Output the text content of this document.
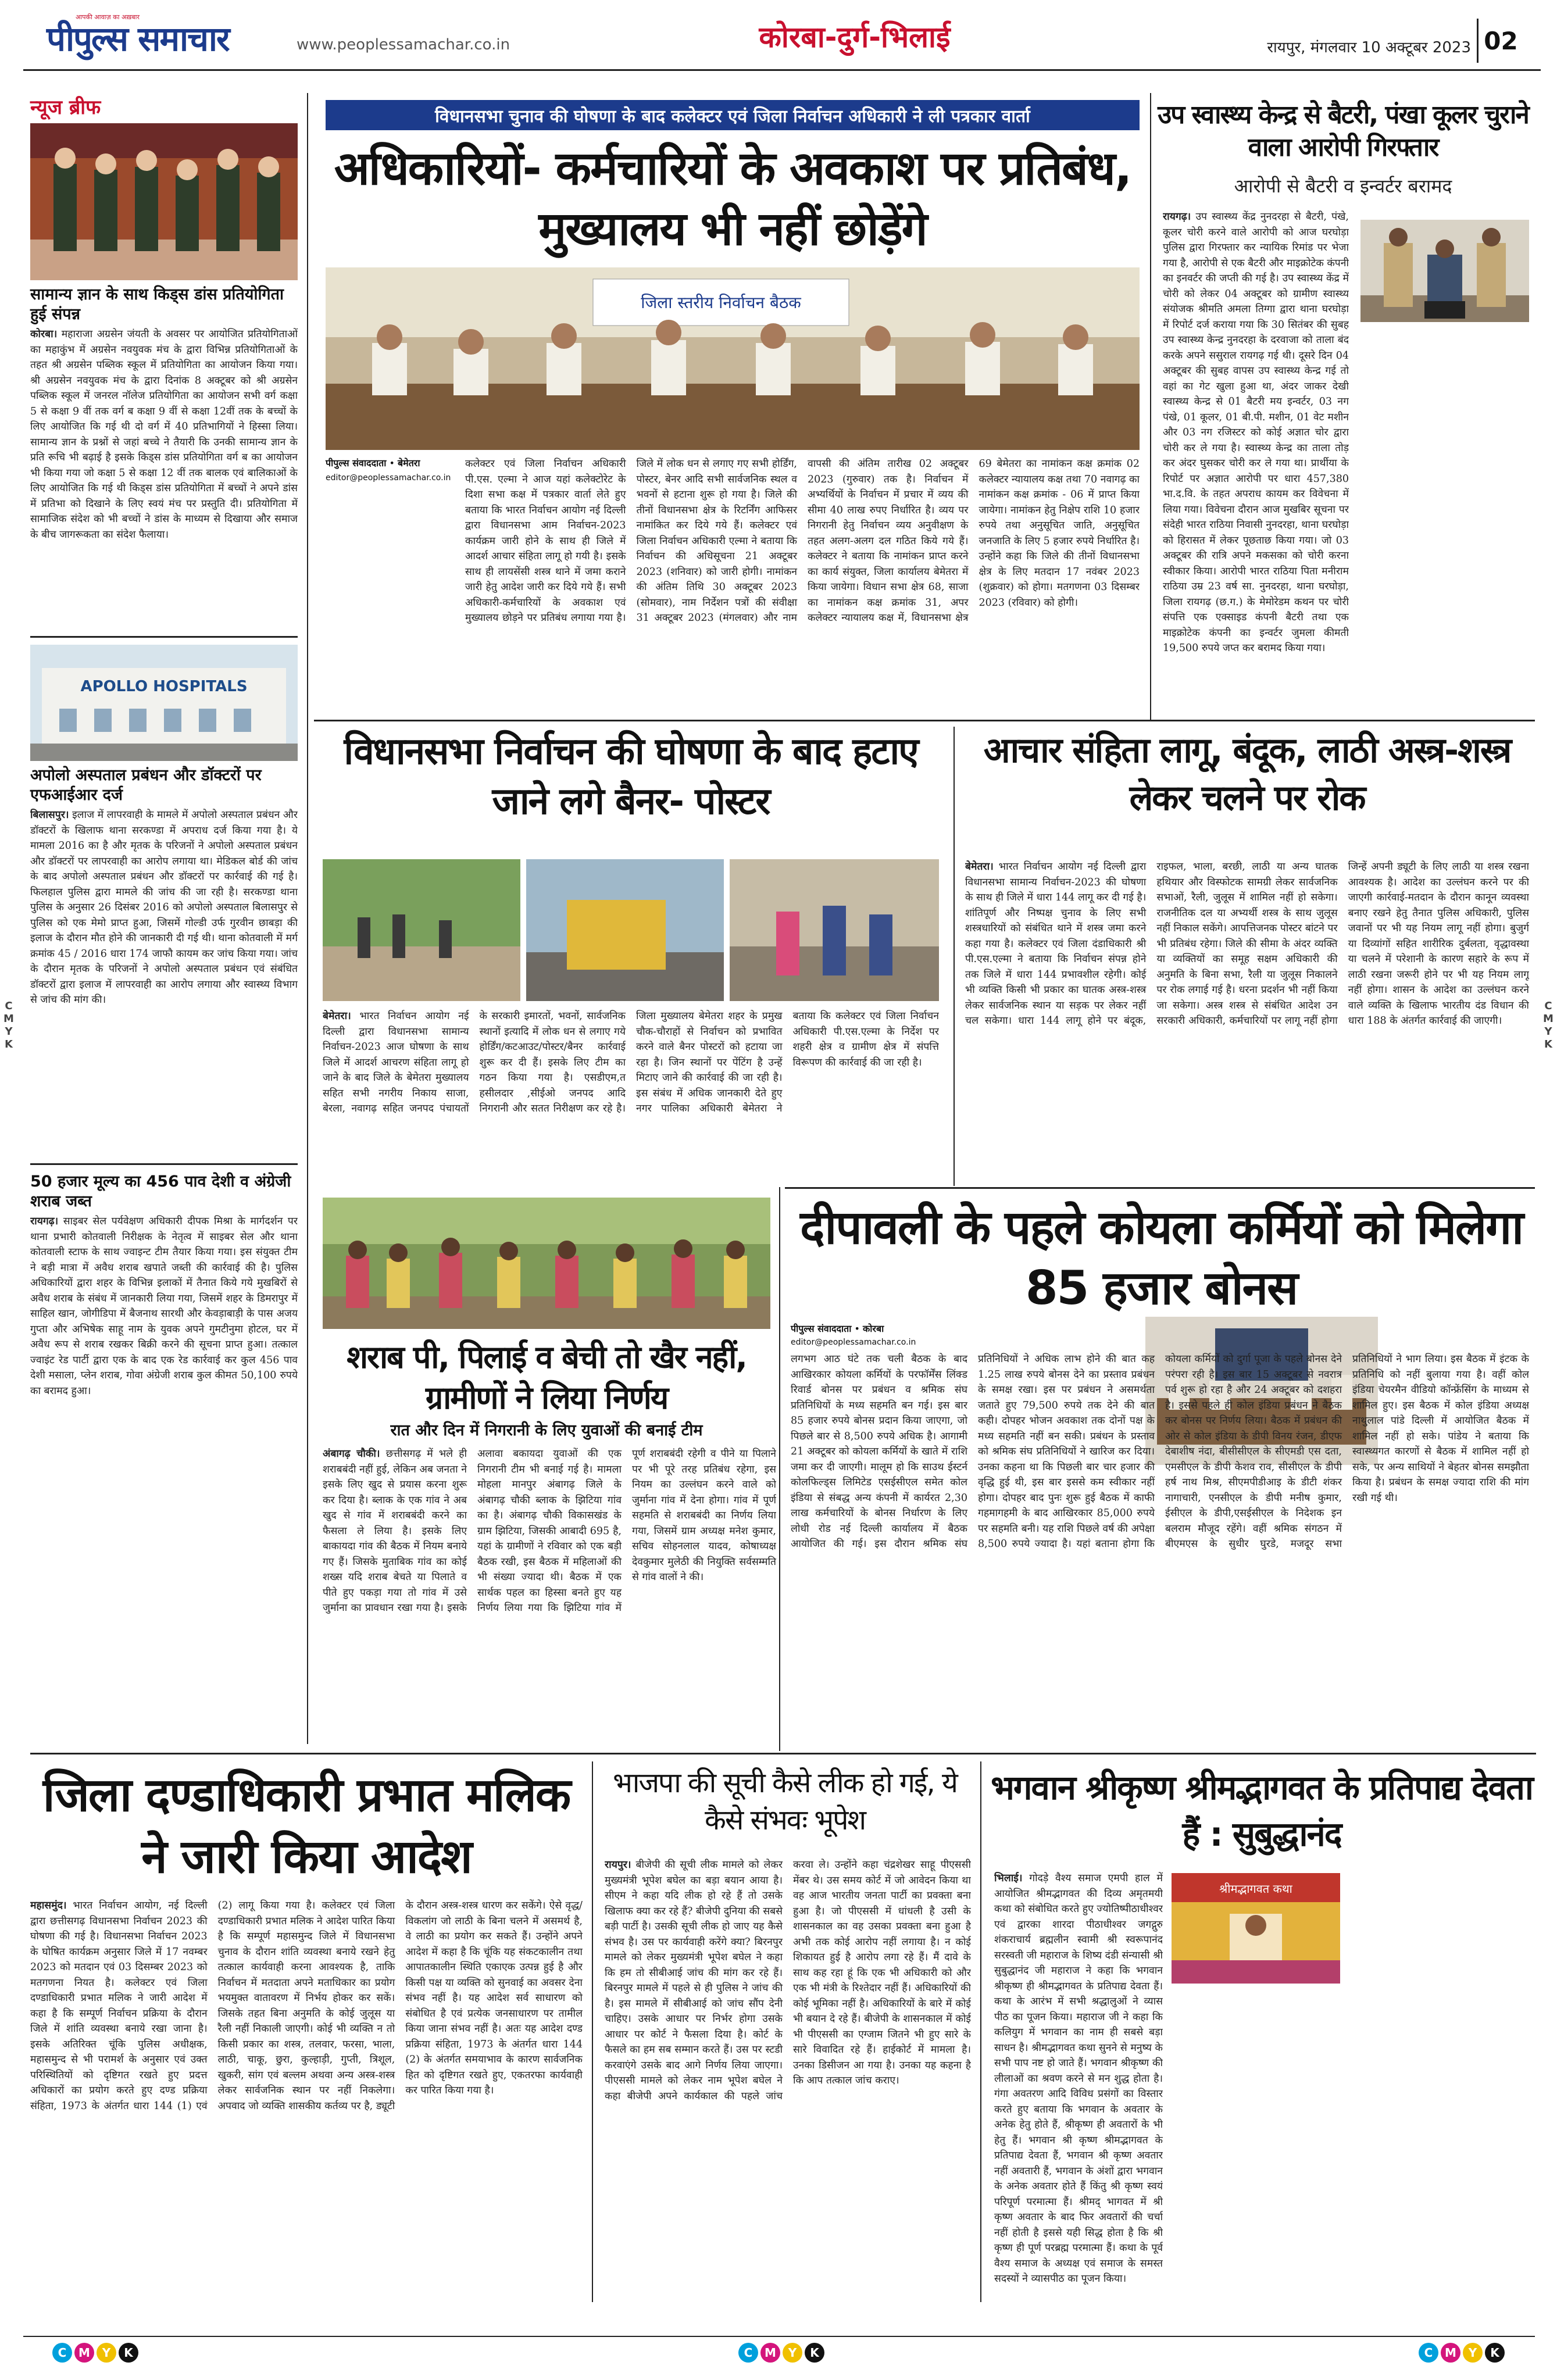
C
M
Y
K
C
M
Y
K
पीपुल्स समाचार
आपकी आवाज़ का अख़बार
www.peoplessamachar.co.in	कोरबा-दुर्ग-भिलाई	रायपुर, मंगलवार 10 अक्टूबर 2023 02
न्यूज ब्रीफ
सामान्य ज्ञान के साथ किड्स डांस प्रतियोगिता हुई संपन्न
कोरबा। महाराजा अग्रसेन जंयती के अवसर पर आयोजित प्रतियोगिताओं का महाकुंभ में अग्रसेन नवयुवक मंच के द्वारा विभिन्न प्रतियोगिताओं के तहत श्री अग्रसेन पब्लिक स्कूल में प्रतियोगिता का आयोजन किया गया। श्री अग्रसेन नवयुवक मंच के द्वारा दिनांक 8 अक्टूबर को श्री अग्रसेन पब्लिक स्कूल में जनरल नॉलेज प्रतियोगिता का आयोजन सभी वर्ग कक्षा 5 से कक्षा 9 वीं तक वर्ग ब कक्षा 9 वीं से कक्षा 12वीं तक के बच्चों के लिए आयोजित कि गई थी दो वर्ग में 40 प्रतिभागियों ने हिस्सा लिया। सामान्य ज्ञान के प्रश्नों से जहां बच्चे ने तैयारी कि उनकी सामान्य ज्ञान के प्रति रूचि भी बढ़ाई है इसके किड्स डांस प्रतियोगिता वर्ग ब का आयोजन भी किया गया जो कक्षा 5 से कक्षा 12 वीं तक बालक एवं बालिकाओं के लिए आयोजित कि गई थी किड्स डांस प्रतियोगिता में बच्चों ने अपने डांस में प्रतिभा को दिखाने के लिए स्वयं मंच पर प्रस्तुति दी। प्रतियोगिता में सामाजिक संदेश को भी बच्चों ने डांस के माध्यम से दिखाया और समाज के बीच जागरूकता का संदेश फैलाया।
APOLLO HOSPITALS
अपोलो अस्पताल प्रबंधन और डॉक्टरों पर एफआईआर दर्ज
बिलासपुर। इलाज में लापरवाही के मामले में अपोलो अस्पताल प्रबंधन और डॉक्टरों के खिलाफ थाना सरकण्डा में अपराध दर्ज किया गया है। ये मामला 2016 का है और मृतक के परिजनों ने अपोलो अस्पताल प्रबंधन और डॉक्टरों पर लापरवाही का आरोप लगाया था। मेडिकल बोर्ड की जांच के बाद अपोलो अस्पताल प्रबंधन और डॉक्टरों पर कार्रवाई की गई है। फिलहाल पुलिस द्वारा मामले की जांच की जा रही है। सरकण्डा थाना पुलिस के अनुसार 26 दिसंबर 2016 को अपोलो अस्पताल बिलासपुर से पुलिस को एक मेमो प्राप्त हुआ, जिसमें गोल्डी उर्फ गुरवीन छाबड़ा की इलाज के दौरान मौत होने की जानकारी दी गई थी। थाना कोतवाली में मर्ग क्रमांक 45 / 2016 धारा 174 जाफौ कायम कर जांच किया गया। जांच के दौरान मृतक के परिजनों ने अपोलो अस्पताल प्रबंधन एवं संबंधित डॉक्टरों द्वारा इलाज में लापरवाही का आरोप लगाया और स्वास्थ्य विभाग से जांच की मांग की।
50 हजार मूल्य का 456 पाव देशी व अंग्रेजी शराब जब्त
रायगढ़। साइबर सेल पर्यवेक्षण अधिकारी दीपक मिश्रा के मार्गदर्शन पर थाना प्रभारी कोतवाली निरीक्षक के नेतृत्व में साइबर सेल और थाना कोतवाली स्टाफ के साथ ज्वाइन्ट टीम तैयार किया गया। इस संयुक्त टीम ने बड़ी मात्रा में अवैध शराब खपाते जब्ती की कार्रवाई की है। पुलिस अधिकारियों द्वारा शहर के विभिन्न इलाकों में तैनात किये गये मुखबिरों से अवैध शराब के संबंध में जानकारी लिया गया, जिसमें शहर के डिमरापुर में साहिल खान, जोगीडिपा में बैजनाथ सारथी और केवड़ाबाड़ी के पास अजय गुप्ता और अभिषेक साहू नाम के युवक अपने गुमटीनुमा होटल, घर में अवैध रूप से शराब रखकर बिक्री करने की सूचना प्राप्त हुआ। तत्काल ज्वाइंट रेड पार्टी द्वारा एक के बाद एक रेड कार्रवाई कर कुल 456 पाव देशी मसाला, प्लेन शराब, गोवा अंग्रेजी शराब कुल कीमत 50,100 रुपये का बरामद हुआ।
विधानसभा चुनाव की घोषणा के बाद कलेक्टर एवं जिला निर्वाचन अधिकारी ने ली पत्रकार वार्ता
अधिकारियों- कर्मचारियों के अवकाश पर प्रतिबंध, मुख्यालय भी नहीं छोड़ेंगे
जिला स्तरीय निर्वाचन बैठक
पीपुल्स संवाददाता • बेमेतरा
editor@peoplessamachar.co.in
कलेक्टर एवं जिला निर्वाचन अधिकारी पी.एस. एल्मा ने आज यहां कलेक्टोरेट के दिशा सभा कक्ष में पत्रकार वार्ता लेते हुए बताया कि भारत निर्वाचन आयोग नई दिल्ली द्वारा विधानसभा आम निर्वाचन-2023 कार्यक्रम जारी होने के साथ ही जिले में आदर्श आचार संहिता लागू हो गयी है। इसके साथ ही लायसेंसी शस्त्र थाने में जमा कराने जारी हेतु आदेश जारी कर दिये गये हैं। सभी अधिकारी-कर्मचारियों के अवकाश एवं मुख्यालय छोड़ने पर प्रतिबंध लगाया गया है। जिले में लोक धन से लगाए गए सभी होर्डिंग, पोस्टर, बेनर आदि सभी सार्वजनिक स्थल व भवनों से हटाना शुरू हो गया है। जिले की तीनों विधानसभा क्षेत्र के रिटर्निंग आफिसर नामांकित कर दिये गये हैं। कलेक्टर एवं जिला निर्वाचन अधिकारी एल्मा ने बताया कि निर्वाचन की अधिसूचना 21 अक्टूबर 2023 (शनिवार) को जारी होगी। नामांकन की अंतिम तिथि 30 अक्टूबर 2023 (सोमवार), नाम निर्देशन पत्रों की संवीक्षा 31 अक्टूबर 2023 (मंगलवार) और नाम वापसी की अंतिम तारीख 02 अक्टूबर 2023 (गुरुवार) तक है। निर्वाचन में अभ्यर्थियों के निर्वाचन में प्रचार में व्यय की सीमा 40 लाख रुपए निर्धारित है। व्यय पर निगरानी हेतु निर्वाचन व्यय अनुवीक्षण के तहत अलग-अलग दल गठित किये गये हैं। कलेक्टर ने बताया कि नामांकन प्राप्त करने का कार्य संयुक्त, जिला कार्यालय बेमेतरा में किया जायेगा। विधान सभा क्षेत्र 68, साजा का नामांकन कक्ष क्रमांक 31, अपर कलेक्टर न्यायालय कक्ष में, विधानसभा क्षेत्र 69 बेमेतरा का नामांकन कक्ष क्रमांक 02 कलेक्टर न्यायालय कक्ष तथा 70 नवागढ़ का नामांकन कक्ष क्रमांक - 06 में प्राप्त किया जायेगा। नामांकन हेतु निक्षेप राशि 10 हजार रुपये तथा अनुसूचित जाति, अनुसूचित जनजाति के लिए 5 हजार रुपये निर्धारित है। उन्होंने कहा कि जिले की तीनों विधानसभा क्षेत्र के लिए मतदान 17 नवंबर 2023 (शुक्रवार) को होगा। मतगणना 03 दिसम्बर 2023 (रविवार) को होगी।
उप स्वास्थ्य केन्द्र से बैटरी, पंखा कूलर चुराने वाला आरोपी गिरफ्तार
आरोपी से बैटरी व इन्वर्टर बरामद
रायगढ़। उप स्वास्थ्य केंद्र नुनदरहा से बैटरी, पंखे, कूलर चोरी करने वाले आरोपी को आज घरघोड़ा पुलिस द्वारा गिरफ्तार कर न्यायिक रिमांड पर भेजा गया है, आरोपी से एक बैटरी और माइक्रोटेक कंपनी का इनवर्टर की जप्ती की गई है। उप स्वास्थ्य केंद्र में चोरी को लेकर 04 अक्टूबर को ग्रामीण स्वास्थ्य संयोजक श्रीमति अमला तिग्गा द्वारा थाना घरघोड़ा में रिपोर्ट दर्ज कराया गया कि 30 सितंबर की सुबह उप स्वास्थ्य केन्द्र नुनदरहा के दरवाजा को ताला बंद करके अपने ससुराल रायगढ़ गई थी। दूसरे दिन 04 अक्टूबर की सुबह वापस उप स्वास्थ्य केन्द्र गई तो वहां का गेट खुला हुआ था, अंदर जाकर देखी स्वास्थ्य केन्द्र से 01 बैटरी मय इन्वर्टर, 03 नग पंखे, 01 कूलर, 01 बी.पी. मशीन, 01 वेट मशीन और 03 नग रजिस्टर को कोई अज्ञात चोर द्वारा चोरी कर ले गया है। स्वास्थ्य केन्द्र का ताला तोड़ कर अंदर घुसकर चोरी कर ले गया था। प्रार्थीया के रिपोर्ट पर अज्ञात आरोपी पर धारा 457,380 भा.द.वि. के तहत अपराध कायम कर विवेचना में लिया गया। विवेचना दौरान आज मुखबिर सूचना पर संदेही भारत राठिया निवासी नुनदरहा, थाना घरघोड़ा को हिरासत में लेकर पूछताछ किया गया। जो 03 अक्टूबर की रात्रि अपने मकसका को चोरी करना स्वीकार किया। आरोपी भारत राठिया पिता मनीराम राठिया उम्र 23 वर्ष सा. नुनदरहा, थाना घरघोड़ा, जिला रायगढ़ (छ.ग.) के मेमोरेडम कथन पर चोरी संपत्ति एक एक्साइड कंपनी बैटरी तथा एक माइक्रोटेक कंपनी का इन्वर्टर जुमला कीमती 19,500 रुपये जप्त कर बरामद किया गया।
विधानसभा निर्वाचन की घोषणा के बाद हटाए जाने लगे बैनर- पोस्टर
बेमेतरा। भारत निर्वाचन आयोग नई दिल्ली द्वारा विधानसभा सामान्य निर्वाचन-2023 आज घोषणा के साथ जिले में आदर्श आचरण संहिता लागू हो जाने के बाद जिले के बेमेतरा मुख्यालय सहित सभी नगरीय निकाय साजा, बेरला, नवागढ़ सहित जनपद पंचायतों के सरकारी इमारतों, भवनों, सार्वजनिक स्थानों इत्यादि में लोक धन से लगाए गये होर्डिंग/कटआउट/पोस्टर/बैनर कार्रवाई शुरू कर दी हैं। इसके लिए टीम का गठन किया गया है। एसडीएम,त हसीलदार ,सीईओ जनपद आदि निगरानी और सतत निरीक्षण कर रहे है। जिला मुख्यालय बेमेतरा शहर के प्रमुख चौक-चौराहों से निर्वाचन को प्रभावित करने वाले बैनर पोस्टरों को हटाया जा रहा है। जिन स्थानों पर पेंटिंग है उन्हें मिटाए जाने की कार्रवाई की जा रही है। इस संबंध में अधिक जानकारी देते हुए नगर पालिका अधिकारी बेमेतरा ने बताया कि कलेक्टर एवं जिला निर्वाचन अधिकारी पी.एस.एल्मा के निर्देश पर शहरी क्षेत्र व ग्रामीण क्षेत्र में संपत्ति विरूपण की कार्रवाई की जा रही है।
आचार संहिता लागू, बंदूक, लाठी अस्त्र-शस्त्र लेकर चलने पर रोक
बेमेतरा। भारत निर्वाचन आयोग नई दिल्ली द्वारा विधानसभा सामान्य निर्वाचन-2023 की घोषणा के साथ ही जिले में धारा 144 लागू कर दी गई है। शांतिपूर्ण और निष्पक्ष चुनाव के लिए सभी शस्त्रधारियों को संबंधित थाने में शस्त्र जमा करने कहा गया है। कलेक्टर एवं जिला दंडाधिकारी श्री पी.एस.एल्मा ने बताया कि निर्वाचन संपन्न होने तक जिले में धारा 144 प्रभावशील रहेगी। कोई भी व्यक्ति किसी भी प्रकार का घातक अस्त्र-शस्त्र लेकर सार्वजनिक स्थान या सड़क पर लेकर नहीं चल सकेगा। धारा 144 लागू होने पर बंदूक, राइफल, भाला, बरछी, लाठी या अन्य घातक हथियार और विस्फोटक सामग्री लेकर सार्वजनिक सभाओं, रैली, जुलूस में शामिल नहीं हो सकेगा। राजनीतिक दल या अभ्यर्थी शस्त्र के साथ जुलूस नहीं निकाल सकेंगे। आपत्तिजनक पोस्टर बांटने पर भी प्रतिबंध रहेगा। जिले की सीमा के अंदर व्यक्ति या व्यक्तियों का समूह सक्षम अधिकारी की अनुमति के बिना सभा, रैली या जुलूस निकालने पर रोक लगाई गई है। धरना प्रदर्शन भी नहीं किया जा सकेगा। अस्त्र शस्त्र से संबंधित आदेश उन सरकारी अधिकारी, कर्मचारियों पर लागू नहीं होगा जिन्हें अपनी ड्यूटी के लिए लाठी या शस्त्र रखना आवश्यक है। आदेश का उल्लंघन करने पर की जाएगी कार्रवाई-मतदान के दौरान कानून व्यवस्था बनाए रखने हेतु तैनात पुलिस अधिकारी, पुलिस जवानों पर भी यह नियम लागू नहीं होगा। बुजुर्ग या दिव्यांगों सहित शारीरिक दुर्बलता, वृद्धावस्था या चलने में परेशानी के कारण सहारे के रूप में लाठी रखना जरूरी होने पर भी यह नियम लागू नहीं होगा। शासन के आदेश का उल्लंघन करने वाले व्यक्ति के खिलाफ भारतीय दंड विधान की धारा 188 के अंतर्गत कार्रवाई की जाएगी।
शराब पी, पिलाई व बेची तो खैर नहीं, ग्रामीणों ने लिया निर्णय
रात और दिन में निगरानी के लिए युवाओं की बनाई टीम
अंबागढ़ चौकी। छत्तीसगढ़ में भले ही शराबबंदी नहीं हुई, लेकिन अब जनता ने इसके लिए खुद से प्रयास करना शुरू कर दिया है। ब्लाक के एक गांव ने अब खुद से गांव में शराबबंदी करने का फैसला ले लिया है। इसके लिए बाकायदा गांव की बैठक में नियम बनाये गए हैं। जिसके मुताबिक गांव का कोई शख्स यदि शराब बेचते या पिलाते व पीते हुए पकड़ा गया तो गांव में उसे जुर्माना का प्रावधान रखा गया है। इसके अलावा बकायदा युवाओं की एक निगरानी टीम भी बनाई गई है। मामला मोहला मानपुर अंबागढ़ जिले के अंबागढ़ चौकी ब्लाक के झिटिया गांव का है। अंबागढ़ चौकी विकासखंड के ग्राम झिटिया, जिसकी आबादी 695 है, यहां के ग्रामीणों ने रविवार को एक बड़ी बैठक रखी, इस बैठक में महिलाओं की भी संख्या ज्यादा थी। बैठक में एक सार्थक पहल का हिस्सा बनते हुए यह निर्णय लिया गया कि झिटिया गांव में पूर्ण शराबबंदी रहेगी व पीने या पिलाने पर भी पूरे तरह प्रतिबंध रहेगा, इस नियम का उल्लंघन करने वाले को जुर्माना गांव में देना होगा। गांव में पूर्ण सहमति से शराबबंदी का निर्णय लिया गया, जिसमें ग्राम अध्यक्ष मनेश कुमार, सचिव सोहनलाल यादव, कोषाध्यक्ष देवकुमार मुलेठी की नियुक्ति सर्वसम्मति से गांव वालों ने की।
दीपावली के पहले कोयला कर्मियों को मिलेगा 85 हजार बोनस
पीपुल्स संवाददाता • कोरबा
editor@peoplessamachar.co.in
लगभग आठ घंटे तक चली बैठक के बाद आखिरकार कोयला कर्मियों के परफॉर्मेंस लिंक्ड रिवार्ड बोनस पर प्रबंधन व श्रमिक संघ प्रतिनिधियों के मध्य सहमति बन गई। इस बार 85 हजार रुपये बोनस प्रदान किया जाएगा, जो पिछले बार से 8,500 रुपये अधिक है। आगामी 21 अक्टूबर को कोयला कर्मियों के खाते में राशि जमा कर दी जाएगी। मालूम हो कि साउथ ईस्टर्न कोलफिल्ड्स लिमिटेड एसईसीएल समेत कोल इंडिया से संबद्ध अन्य कंपनी में कार्यरत 2,30 लाख कर्मचारियों के बोनस निर्धारण के लिए लोधी रोड नई दिल्ली कार्यालय में बैठक आयोजित की गई। इस दौरान श्रमिक संघ प्रतिनिधियों ने अधिक लाभ होने की बात कह 1.25 लाख रुपये बोनस देने का प्रस्ताव प्रबंधन के समक्ष रखा। इस पर प्रबंधन ने असमर्थता जताते हुए 79,500 रुपये तक देने की बात कही। दोपहर भोजन अवकाश तक दोनों पक्ष के मध्य सहमति नहीं बन सकी। प्रबंधन के प्रस्ताव को श्रमिक संघ प्रतिनिधियों ने खारिज कर दिया। उनका कहना था कि पिछली बार चार हजार की वृद्धि हुई थी, इस बार इससे कम स्वीकार नहीं होगा। दोपहर बाद पुनः शुरू हुई बैठक में काफी गहमागहमी के बाद आखिरकार 85,000 रुपये पर सहमति बनी। यह राशि पिछले वर्ष की अपेक्षा 8,500 रुपये ज्यादा है। यहां बताना होगा कि कोयला कर्मियों को दुर्गा पूजा के पहले बोनस देने परंपरा रही है। इस बार 15 अक्टूबर से नवरात्र पर्व शुरू हो रहा है और 24 अक्टूबर को दशहरा है। इससे पहले ही कोल इंडिया प्रबंधन ने बैठक कर बोनस पर निर्णय लिया। बैठक में प्रबंधन की ओर से कोल इंडिया के डीपी विनय रंजन, डीएफ देबाशीष नंदा, बीसीसीएल के सीएमडी एस दता, एमसीएल के डीपी केशव राव, सीसीएल के डीपी हर्ष नाथ मिश्र, सीएमपीडीआइ के डीटी शंकर नागाचारी, एनसीएल के डीपी मनीष कुमार, ईसीएल के डीपी,एसईसीएल के निदेशक इन बलराम मौजूद रहेंगे। वहीं श्रमिक संगठन में बीएमएस के सुधीर घुरडे, मजदूर सभा प्रतिनिधियों ने भाग लिया। इस बैठक में इंटक के प्रतिनिधि को नहीं बुलाया गया है। वहीं कोल इंडिया चेयरमैन वीडियो कॉन्फ्रेंसिंग के माध्यम से शामिल हुए। इस बैठक में कोल इंडिया अध्यक्ष नाथुलाल पांडे दिल्ली में आयोजित बैठक में शामिल नहीं हो सके। पांडेय ने बताया कि स्वास्थ्यगत कारणों से बैठक में शामिल नहीं हो सके, पर अन्य साथियों ने बेहतर बोनस समझौता किया है। प्रबंधन के समक्ष ज्यादा राशि की मांग रखी गई थी।
जिला दण्डाधिकारी प्रभात मलिक ने जारी किया आदेश
महासमुंद। भारत निर्वाचन आयोग, नई दिल्ली द्वारा छत्तीसगढ़ विधानसभा निर्वाचन 2023 की घोषणा की गई है। विधानसभा निर्वाचन 2023 के घोषित कार्यक्रम अनुसार जिले में 17 नवम्बर 2023 को मतदान एवं 03 दिसम्बर 2023 को मतगणना नियत है। कलेक्टर एवं जिला दण्डाधिकारी प्रभात मलिक ने जारी आदेश में कहा है कि सम्पूर्ण निर्वाचन प्रक्रिया के दौरान जिले में शांति व्यवस्था बनाये रखा जाना है। इसके अतिरिक्त चूंकि पुलिस अधीक्षक, महासमुन्द से भी परामर्श के अनुसार एवं उक्त परिस्थितियों को दृष्टिगत रखते हुए प्रदत्त अधिकारों का प्रयोग करते हुए दण्ड प्रक्रिया संहिता, 1973 के अंतर्गत धारा 144 (1) एवं (2) लागू किया गया है। कलेक्टर एवं जिला दण्डाधिकारी प्रभात मलिक ने आदेश पारित किया है कि सम्पूर्ण महासमुन्द जिले में विधानसभा चुनाव के दौरान शांति व्यवस्था बनाये रखने हेतु तत्काल कार्यवाही करना आवश्यक है, ताकि निर्वाचन में मतदाता अपने मताधिकार का प्रयोग भयमुक्त वातावरण में निर्भय होकर कर सकें। जिसके तहत बिना अनुमति के कोई जुलूस या रैली नहीं निकाली जाएगी। कोई भी व्यक्ति न तो किसी प्रकार का शस्त्र, तलवार, फरसा, भाला, लाठी, चाकू, छुरा, कुल्हाड़ी, गुप्ती, त्रिशूल, खुकरी, सांग एवं बल्लम अथवा अन्य अस्त्र-शस्त्र लेकर सार्वजनिक स्थान पर नहीं निकलेगा। अपवाद जो व्यक्ति शासकीय कर्तव्य पर है, ड्यूटी के दौरान अस्त्र-शस्त्र धारण कर सकेंगे। ऐसे वृद्ध/विकलांग जो लाठी के बिना चलने में असमर्थ है, वे लाठी का प्रयोग कर सकते हैं। उन्होंने अपने आदेश में कहा है कि चूंकि यह संकटकालीन तथा आपातकालीन स्थिति एकाएक उत्पन्न हुई है और किसी पक्ष या व्यक्ति को सुनवाई का अवसर देना संभव नहीं है। यह आदेश सर्व साधारण को संबोधित है एवं प्रत्येक जनसाधारण पर तामील किया जाना संभव नहीं है। अतः यह आदेश दण्ड प्रक्रिया संहिता, 1973 के अंतर्गत धारा 144 (2) के अंतर्गत समयाभाव के कारण सार्वजनिक हित को दृष्टिगत रखते हुए, एकतरफा कार्यवाही कर पारित किया गया है।
भाजपा की सूची कैसे लीक हो गई, ये कैसे संभवः भूपेश
रायपुर। बीजेपी की सूची लीक मामले को लेकर मुख्यमंत्री भूपेश बघेल का बड़ा बयान आया है। सीएम ने कहा यदि लीक हो रहे हैं तो उसके खिलाफ क्या कर रहे हैं? बीजेपी दुनिया की सबसे बड़ी पार्टी है। उसकी सूची लीक हो जाए यह कैसे संभव है। उस पर कार्यवाही करेंगे क्या? बिरनपुर मामले को लेकर मुख्यमंत्री भूपेश बघेल ने कहा कि हम तो सीबीआई जांच की मांग कर रहे हैं। बिरनपुर मामले में पहले से ही पुलिस ने जांच की है। इस मामले में सीबीआई को जांच सौंप देनी चाहिए। उसके आधार पर निर्भर होगा उसके आधार पर कोर्ट ने फैसला दिया है। कोर्ट के फैसले का हम सब सम्मान करते हैं। उस पर स्टडी करवाएंगे उसके बाद आगे निर्णय लिया जाएगा। पीएससी मामले को लेकर नाम भूपेश बघेल ने कहा बीजेपी अपने कार्यकाल की पहले जांच करवा ले। उन्होंने कहा चंद्रशेखर साहू पीएससी मेंबर थे। उस समय कोर्ट में जो आवेदन किया था वह आज भारतीय जनता पार्टी का प्रवक्ता बना हुआ है। जो पीएससी में धांधली है उसी के शासनकाल का वह उसका प्रवक्ता बना हुआ है अभी तक कोई आरोप नहीं लगाया है। न कोई शिकायत हुई है आरोप लगा रहे हैं। मैं दावे के साथ कह रहा हूं कि एक भी अधिकारी को और एक भी मंत्री के रिश्तेदार नहीं हैं। अधिकारियों की कोई भूमिका नहीं है। अधिकारियों के बारे में कोई भी बयान दे रहे हैं। बीजेपी के शासनकाल में कोई भी पीएससी का एग्जाम जितने भी हुए सारे के सारे विवादित रहे हैं। हाईकोर्ट में मामला है। उनका डिसीजन आ गया है। उनका यह कहना है कि आप तत्काल जांच कराए।
भगवान श्रीकृष्ण श्रीमद्भागवत के प्रतिपाद्य देवता हैं : सुबुद्धानंद
भिलाई। गोदड़े वैश्य समाज एमपी हाल में आयोजित श्रीमद्भागवत की दिव्य अमृतमयी कथा को संबोधित करते हुए ज्योतिष्पीठाधीश्वर एवं द्वारका शारदा पीठाधीश्वर जगद्गुरु शंकराचार्य ब्रह्मलीन स्वामी श्री स्वरूपानंद सरस्वती जी महाराज के शिष्य दंडी संन्यासी श्री सुबुद्धानंद जी महाराज ने कहा कि भगवान श्रीकृष्ण ही श्रीमद्भागवत के प्रतिपाद्य देवता हैं। कथा के आरंभ में सभी श्रद्धालुओं ने व्यास पीठ का पूजन किया। महाराज जी ने कहा कि कलियुग में भगवान का नाम ही सबसे बड़ा साधन है। श्रीमद्भागवत कथा सुनने से मनुष्य के सभी पाप नष्ट हो जाते हैं। भगवान श्रीकृष्ण की लीलाओं का श्रवण करने से मन शुद्ध होता है। गंगा अवतरण आदि विविध प्रसंगों का विस्तार करते हुए बताया कि भगवान के अवतार के अनेक हेतु होते हैं, श्रीकृष्ण ही अवतारों के भी हेतु हैं। भगवान श्री कृष्ण श्रीमद्भागवत के प्रतिपाद्य देवता हैं, भगवान श्री कृष्ण अवतार नहीं अवतारी हैं, भगवान के अंशों द्वारा भगवान के अनेक अवतार होते हैं किंतु श्री कृष्ण स्वयं परिपूर्ण परमात्मा हैं। श्रीमद् भागवत में श्री कृष्ण अवतार के बाद फिर अवतारों की चर्चा नहीं होती है इससे यही सिद्ध होता है कि श्री कृष्ण ही पूर्ण परब्रह्म परमात्मा हैं। कथा के पूर्व वैश्य समाज के अध्यक्ष एवं समाज के समस्त सदस्यों ने व्यासपीठ का पूजन किया।
श्रीमद्भागवत कथा
C	M	Y	K	C	M	Y	K	C	M	Y	K
